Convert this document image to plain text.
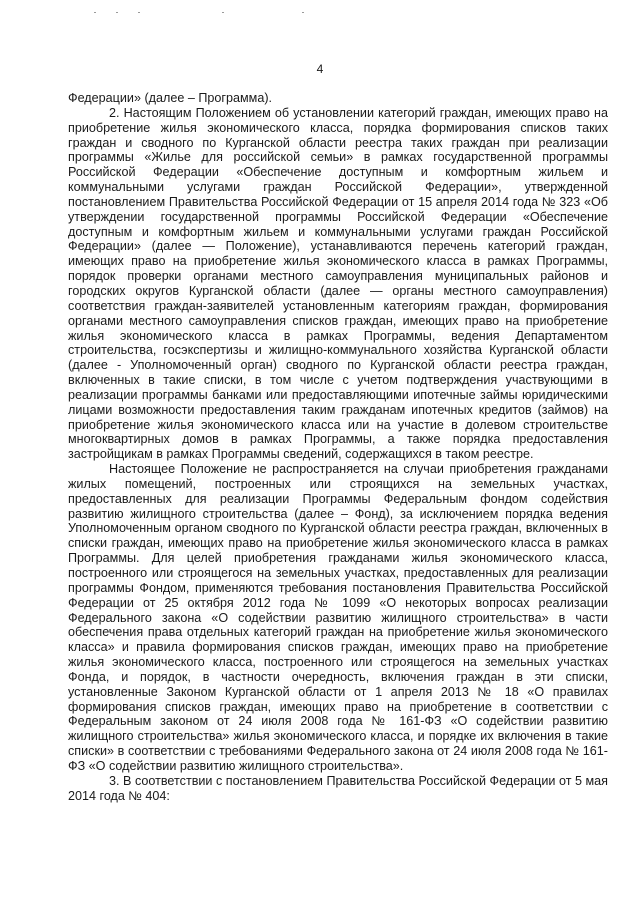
4

Федерации» (далее – Программа).

2. Настоящим Положением об установлении категорий граждан, имеющих право на приобретение жилья экономического класса, порядка формирования списков таких граждан и сводного по Курганской области реестра таких граждан при реализации программы «Жилье для российской семьи» в рамках государственной программы Российской Федерации «Обеспечение доступным и комфортным жильем и коммунальными услугами граждан Российской Федерации», утвержденной постановлением Правительства Российской Федерации от 15 апреля 2014 года № 323 «Об утверждении государственной программы Российской Федерации «Обеспечение доступным и комфортным жильем и коммунальными услугами граждан Российской Федерации» (далее — Положение), устанавливаются перечень категорий граждан, имеющих право на приобретение жилья экономического класса в рамках Программы, порядок проверки органами местного самоуправления муниципальных районов и городских округов Курганской области (далее — органы местного самоуправления) соответствия граждан-заявителей установленным категориям граждан, формирования органами местного самоуправления списков граждан, имеющих право на приобретение жилья экономического класса в рамках Программы, ведения Департаментом строительства, госэкспертизы и жилищно-коммунального хозяйства Курганской области (далее - Уполномоченный орган) сводного по Курганской области реестра граждан, включенных в такие списки, в том числе с учетом подтверждения участвующими в реализации программы банками или предоставляющими ипотечные займы юридическими лицами возможности предоставления таким гражданам ипотечных кредитов (займов) на приобретение жилья экономического класса или на участие в долевом строительстве многоквартирных домов в рамках Программы, а также порядка предоставления застройщикам в рамках Программы сведений, содержащихся в таком реестре.

Настоящее Положение не распространяется на случаи приобретения гражданами жилых помещений, построенных или строящихся на земельных участках, предоставленных для реализации Программы Федеральным фондом содействия развитию жилищного строительства (далее – Фонд), за исключением порядка ведения Уполномоченным органом сводного по Курганской области реестра граждан, включенных в списки граждан, имеющих право на приобретение жилья экономического класса в рамках Программы. Для целей приобретения гражданами жилья экономического класса, построенного или строящегося на земельных участках, предоставленных для реализации программы Фондом, применяются требования постановления Правительства Российской Федерации от 25 октября 2012 года № 1099 «О некоторых вопросах реализации Федерального закона «О содействии развитию жилищного строительства» в части обеспечения права отдельных категорий граждан на приобретение жилья экономического класса» и правила формирования списков граждан, имеющих право на приобретение жилья экономического класса, построенного или строящегося на земельных участках Фонда, и порядок, в частности очередность, включения граждан в эти списки, установленные Законом Курганской области от 1 апреля 2013 № 18 «О правилах формирования списков граждан, имеющих право на приобретение в соответствии с Федеральным законом от 24 июля 2008 года № 161-ФЗ «О содействии развитию жилищного строительства» жилья экономического класса, и порядке их включения в такие списки» в соответствии с требованиями Федерального закона от 24 июля 2008 года № 161-ФЗ «О содействии развитию жилищного строительства».

3. В соответствии с постановлением Правительства Российской Федерации от 5 мая 2014 года № 404:
